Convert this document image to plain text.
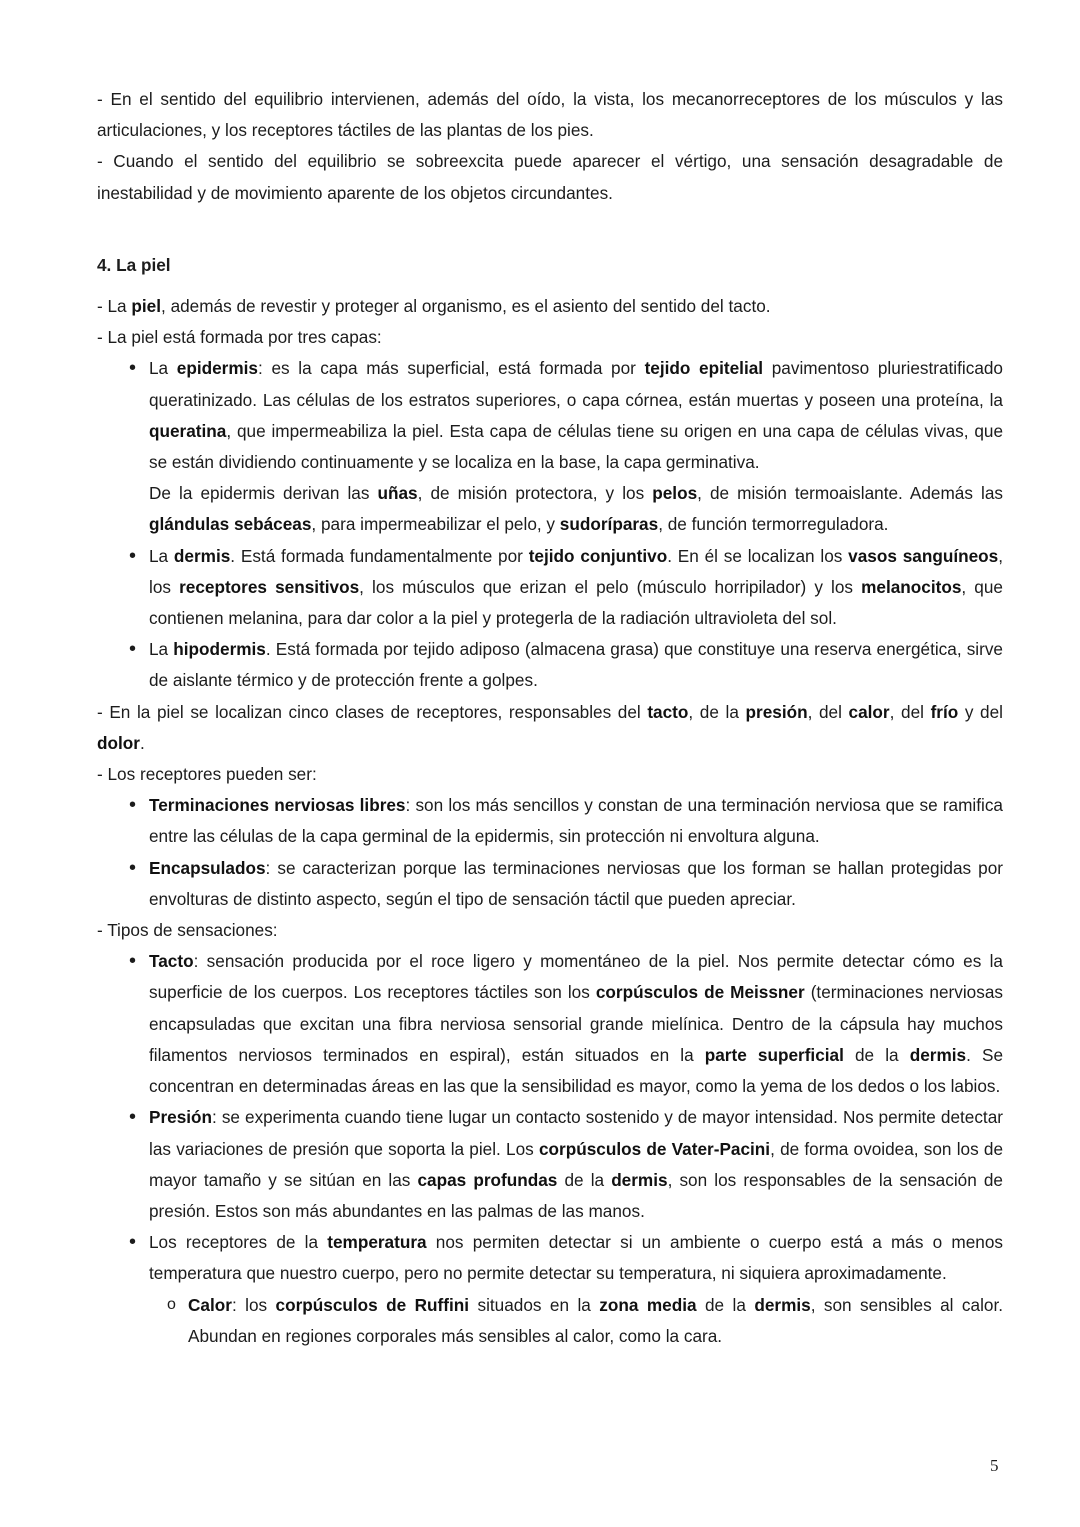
- En el sentido del equilibrio intervienen, además del oído, la vista, los mecanorreceptores de los músculos y las articulaciones, y los receptores táctiles de las plantas de los pies.

- Cuando el sentido del equilibrio se sobreexcita puede aparecer el vértigo, una sensación desagradable de inestabilidad y de movimiento aparente de los objetos circundantes.

4. La piel

- La piel, además de revestir y proteger al organismo, es el asiento del sentido del tacto.

- La piel está formada por tres capas:

• La epidermis: es la capa más superficial, está formada por tejido epitelial pavimentoso pluriestratificado queratinizado. Las células de los estratos superiores, o capa córnea, están muertas y poseen una proteína, la queratina, que impermeabiliza la piel. Esta capa de células tiene su origen en una capa de células vivas, que se están dividiendo continuamente y se localiza en la base, la capa germinativa.
De la epidermis derivan las uñas, de misión protectora, y los pelos, de misión termoaislante. Además las glándulas sebáceas, para impermeabilizar el pelo, y sudoríparas, de función termorreguladora.
• La dermis. Está formada fundamentalmente por tejido conjuntivo. En él se localizan los vasos sanguíneos, los receptores sensitivos, los músculos que erizan el pelo (músculo horripilador) y los melanocitos, que contienen melanina, para dar color a la piel y protegerla de la radiación ultravioleta del sol.
• La hipodermis. Está formada por tejido adiposo (almacena grasa) que constituye una reserva energética, sirve de aislante térmico y de protección frente a golpes.

- En la piel se localizan cinco clases de receptores, responsables del tacto, de la presión, del calor, del frío y del dolor.

- Los receptores pueden ser:

• Terminaciones nerviosas libres: son los más sencillos y constan de una terminación nerviosa que se ramifica entre las células de la capa germinal de la epidermis, sin protección ni envoltura alguna.
• Encapsulados: se caracterizan porque las terminaciones nerviosas que los forman se hallan protegidas por envolturas de distinto aspecto, según el tipo de sensación táctil que pueden apreciar.

- Tipos de sensaciones:

• Tacto: sensación producida por el roce ligero y momentáneo de la piel. Nos permite detectar cómo es la superficie de los cuerpos. Los receptores táctiles son los corpúsculos de Meissner (terminaciones nerviosas encapsuladas que excitan una fibra nerviosa sensorial grande mielínica. Dentro de la cápsula hay muchos filamentos nerviosos terminados en espiral), están situados en la parte superficial de la dermis. Se concentran en determinadas áreas en las que la sensibilidad es mayor, como la yema de los dedos o los labios.
• Presión: se experimenta cuando tiene lugar un contacto sostenido y de mayor intensidad. Nos permite detectar las variaciones de presión que soporta la piel. Los corpúsculos de Vater-Pacini, de forma ovoidea, son los de mayor tamaño y se sitúan en las capas profundas de la dermis, son los responsables de la sensación de presión. Estos son más abundantes en las palmas de las manos.
• Los receptores de la temperatura nos permiten detectar si un ambiente o cuerpo está a más o menos temperatura que nuestro cuerpo, pero no permite detectar su temperatura, ni siquiera aproximadamente.
o Calor: los corpúsculos de Ruffini situados en la zona media de la dermis, son sensibles al calor. Abundan en regiones corporales más sensibles al calor, como la cara.
5
